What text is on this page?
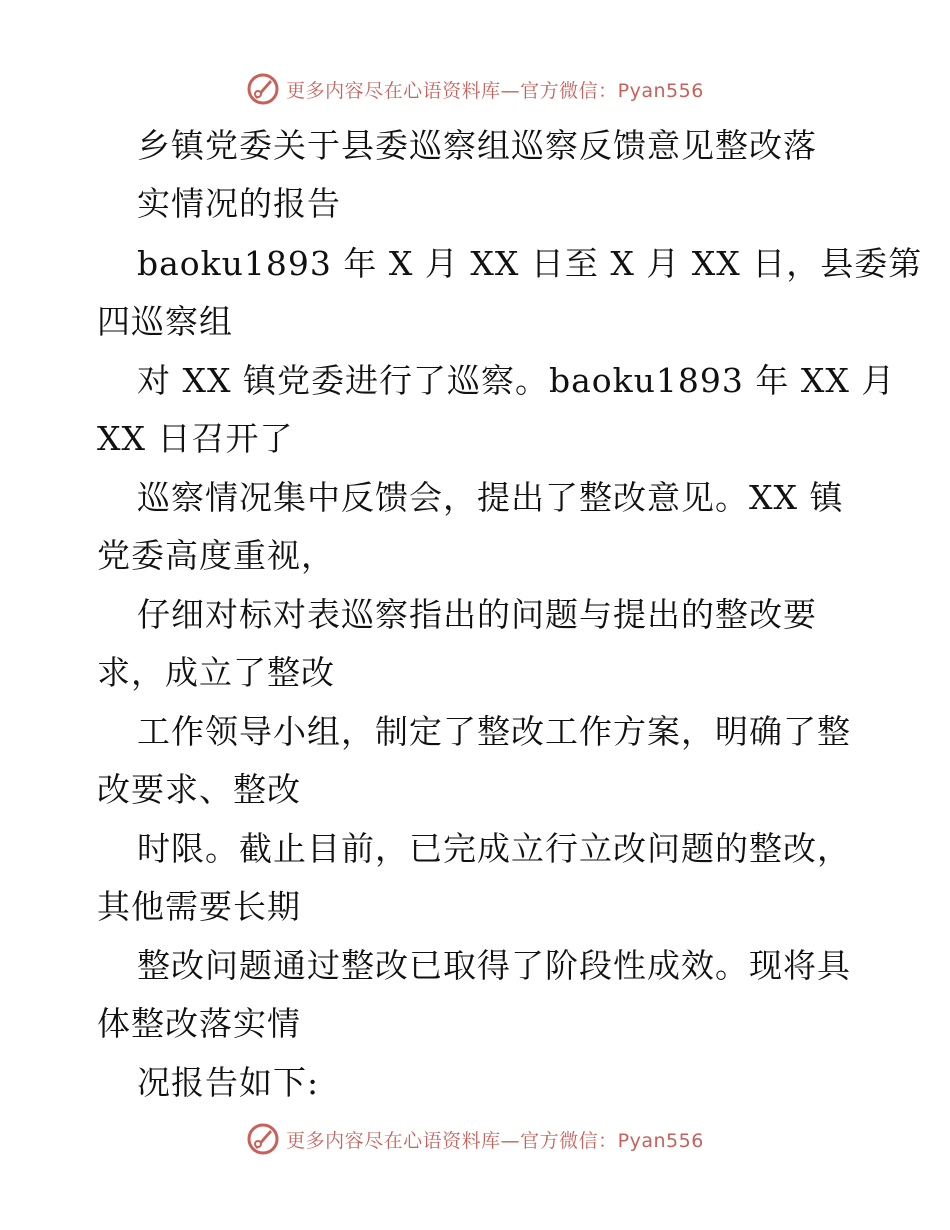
更多内容尽在心语资料库—官方微信：Pyan556
乡镇党委关于县委巡察组巡察反馈意见整改落
实情况的报告
baoku1893 年 X 月 XX 日至 X 月 XX 日，县委第
四巡察组
对 XX 镇党委进行了巡察。baoku1893 年 XX 月
XX 日召开了
巡察情况集中反馈会，提出了整改意见。XX 镇
党委高度重视，
仔细对标对表巡察指出的问题与提出的整改要
求，成立了整改
工作领导小组，制定了整改工作方案，明确了整
改要求、整改
时限。截止目前，已完成立行立改问题的整改，
其他需要长期
整改问题通过整改已取得了阶段性成效。现将具
体整改落实情
况报告如下:
更多内容尽在心语资料库—官方微信：Pyan556
